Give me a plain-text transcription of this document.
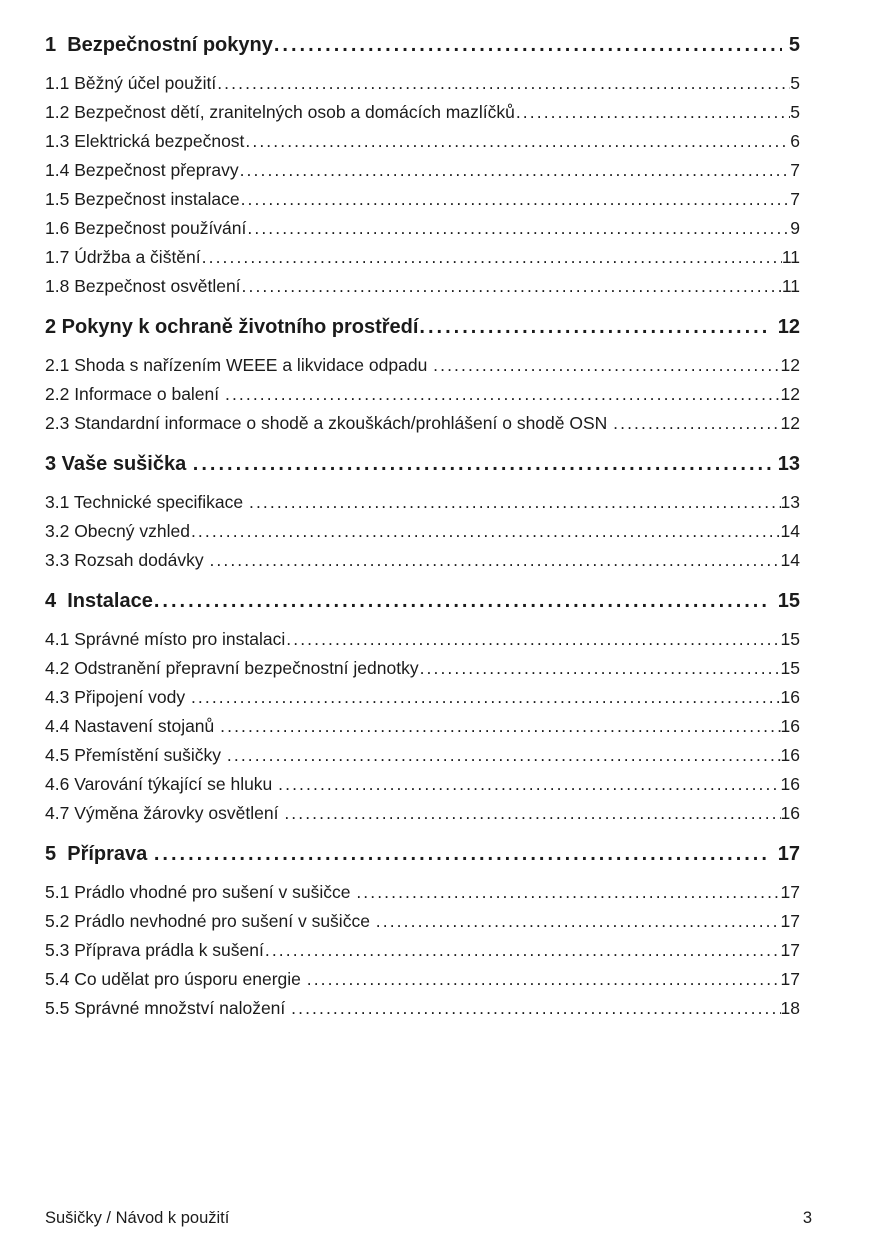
1  Bezpečnostní pokyny .....	5
1.1 Běžný účel použití .....	5
1.2 Bezpečnost dětí, zranitelných osob a domácích mazlíčků .....	5
1.3 Elektrická bezpečnost .....	6
1.4 Bezpečnost přepravy .....	7
1.5 Bezpečnost instalace .....	7
1.6 Bezpečnost používání .....	9
1.7 Údržba a čištění .....	11
1.8 Bezpečnost osvětlení .....	11
2 Pokyny k ochraně životního prostředí .....	12
2.1 Shoda s nařízením WEEE a likvidace odpadu .....	12
2.2 Informace o balení .....	12
2.3 Standardní informace o shodě a zkouškách/prohlášení o shodě OSN .....	12
3 Vaše sušička .....	13
3.1 Technické specifikace .....	13
3.2 Obecný vzhled .....	14
3.3 Rozsah dodávky .....	14
4  Instalace .....	15
4.1 Správné místo pro instalaci .....	15
4.2 Odstranění přepravní bezpečnostní jednotky .....	15
4.3 Připojení vody .....	16
4.4 Nastavení stojanů .....	16
4.5 Přemístění sušičky .....	16
4.6 Varování týkající se hluku .....	16
4.7 Výměna žárovky osvětlení .....	16
5  Příprava .....	17
5.1 Prádlo vhodné pro sušení v sušičce .....	17
5.2 Prádlo nevhodné pro sušení v sušičce .....	17
5.3 Příprava prádla k sušení .....	17
5.4 Co udělat pro úsporu energie .....	17
5.5 Správné množství naložení .....	18
Sušičky / Návod k použití	3
